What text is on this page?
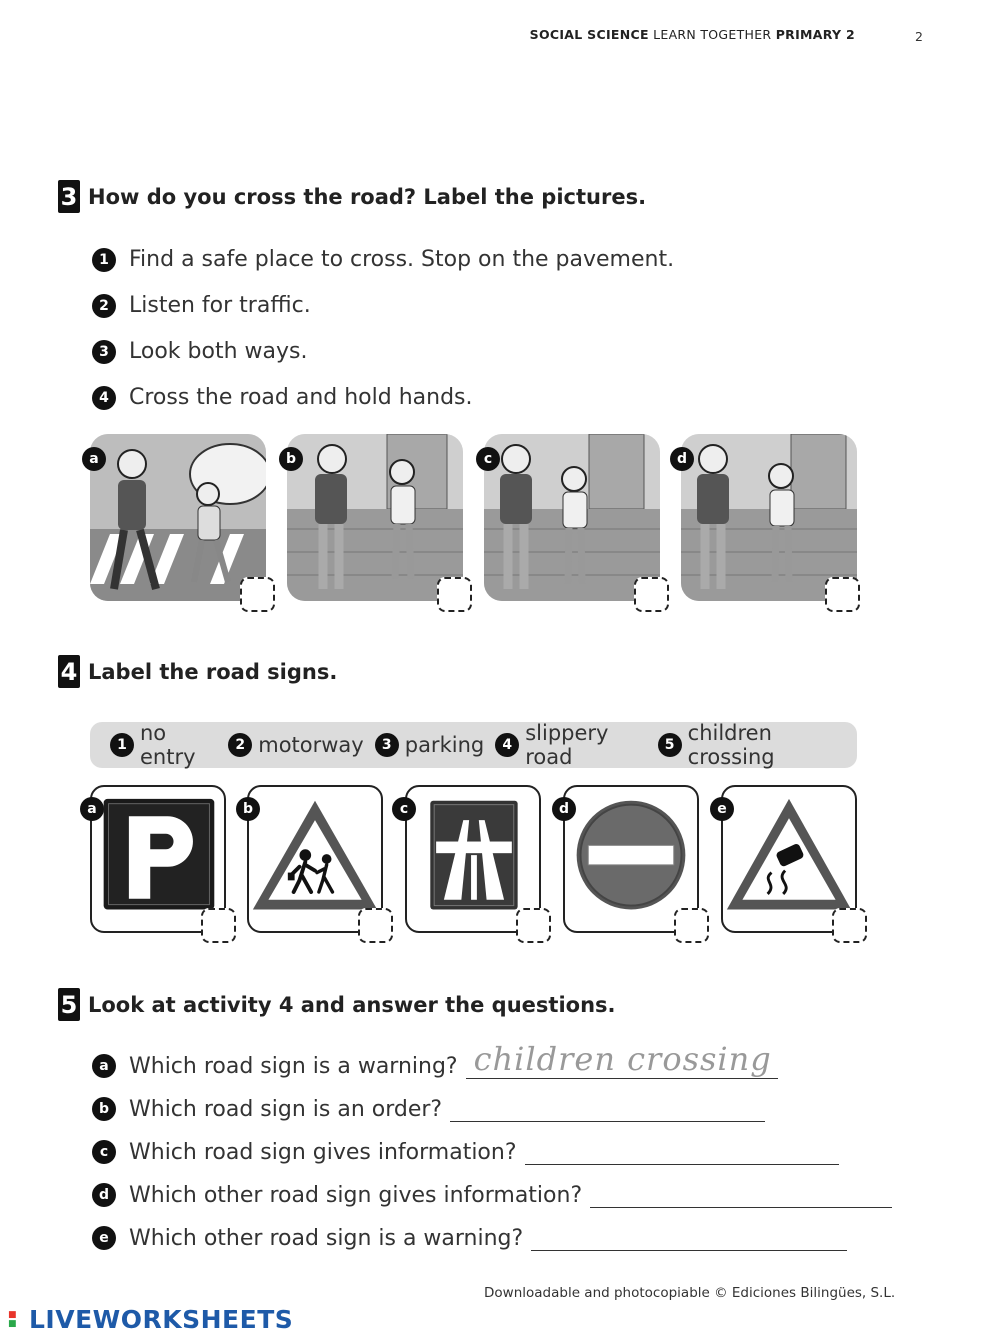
SOCIAL SCIENCE LEARN TOGETHER PRIMARY 2	2
3 How do you cross the road? Label the pictures.
1 Find a safe place to cross. Stop on the pavement.
2 Listen for traffic.
3 Look both ways.
4 Cross the road and hold hands.
a	b	c	d
4 Label the road signs.
1 no entry	2 motorway	3 parking	4 slippery road	5 children crossing
a	b	c	d	e
5 Look at activity 4 and answer the questions.
a Which road sign is a warning? children crossing
b Which road sign is an order?
c Which road sign gives information?
d Which other road sign gives information?
e Which other road sign is a warning?
Downloadable and photocopiable © Ediciones Bilingües, S.L.
■
■ LIVEWORKSHEETS
